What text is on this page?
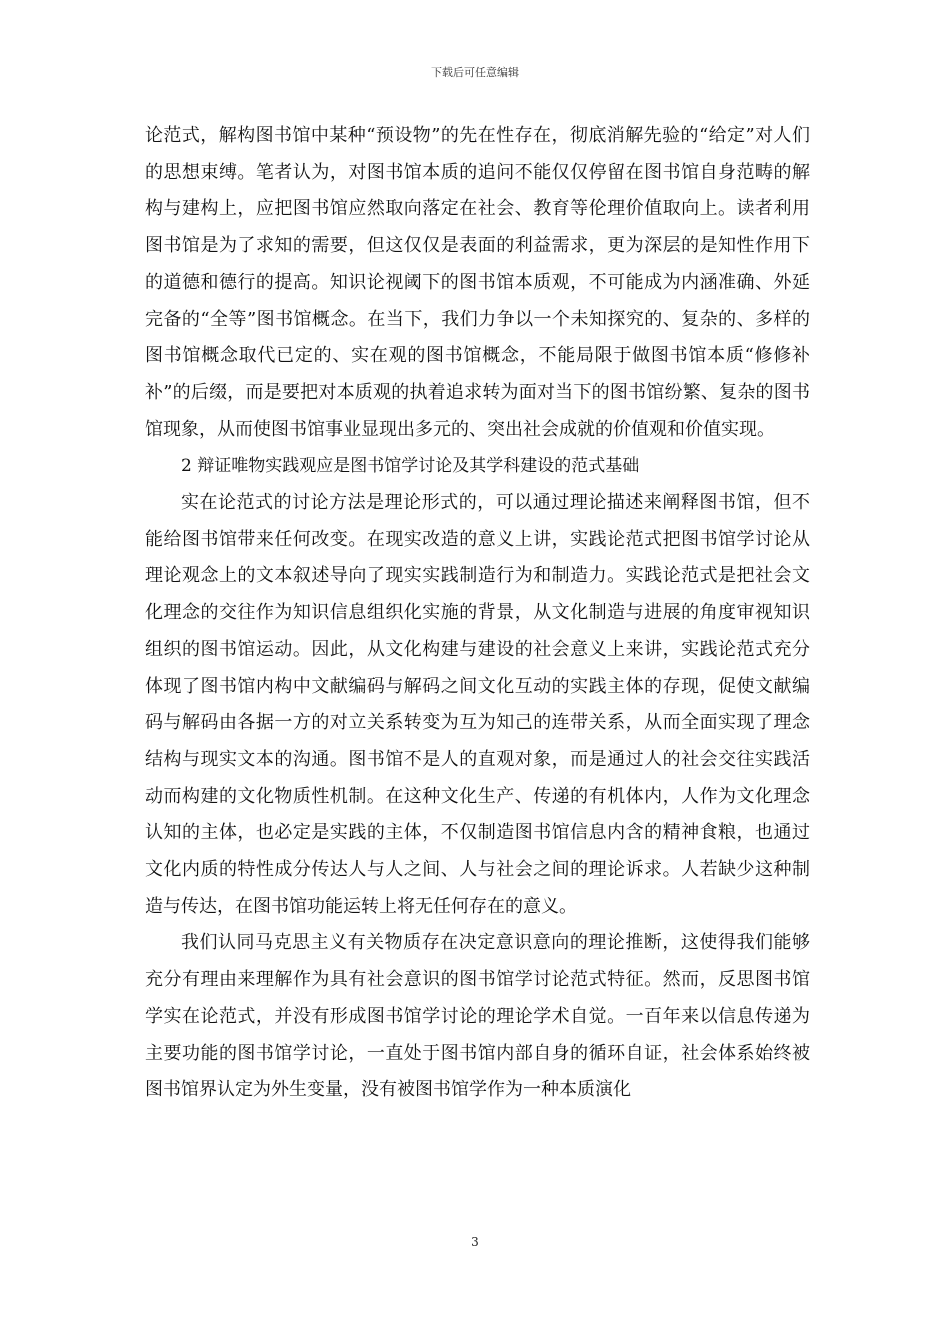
下载后可任意编辑

论范式，解构图书馆中某种“预设物”的先在性存在，彻底消解先验的“给定”对人们的思想束缚。笔者认为，对图书馆本质的追问不能仅仅停留在图书馆自身范畴的解构与建构上，应把图书馆应然取向落定在社会、教育等伦理价值取向上。读者利用图书馆是为了求知的需要，但这仅仅是表面的利益需求，更为深层的是知性作用下的道德和德行的提高。知识论视阈下的图书馆本质观，不可能成为内涵准确、外延完备的“全等”图书馆概念。在当下，我们力争以一个未知探究的、复杂的、多样的图书馆概念取代已定的、实在观的图书馆概念，不能局限于做图书馆本质“修修补补”的后缀，而是要把对本质观的执着追求转为面对当下的图书馆纷繁、复杂的图书馆现象，从而使图书馆事业显现出多元的、突出社会成就的价值观和价值实现。

2 辩证唯物实践观应是图书馆学讨论及其学科建设的范式基础

实在论范式的讨论方法是理论形式的，可以通过理论描述来阐释图书馆，但不能给图书馆带来任何改变。在现实改造的意义上讲，实践论范式把图书馆学讨论从理论观念上的文本叙述导向了现实实践制造行为和制造力。实践论范式是把社会文化理念的交往作为知识信息组织化实施的背景，从文化制造与进展的角度审视知识组织的图书馆运动。因此，从文化构建与建设的社会意义上来讲，实践论范式充分体现了图书馆内构中文献编码与解码之间文化互动的实践主体的存现，促使文献编码与解码由各据一方的对立关系转变为互为知己的连带关系，从而全面实现了理念结构与现实文本的沟通。图书馆不是人的直观对象，而是通过人的社会交往实践活动而构建的文化物质性机制。在这种文化生产、传递的有机体内，人作为文化理念认知的主体，也必定是实践的主体，不仅制造图书馆信息内含的精神食粮，也通过文化内质的特性成分传达人与人之间、人与社会之间的理论诉求。人若缺少这种制造与传达，在图书馆功能运转上将无任何存在的意义。

我们认同马克思主义有关物质存在决定意识意向的理论推断，这使得我们能够充分有理由来理解作为具有社会意识的图书馆学讨论范式特征。然而，反思图书馆学实在论范式，并没有形成图书馆学讨论的理论学术自觉。一百年来以信息传递为主要功能的图书馆学讨论，一直处于图书馆内部自身的循环自证，社会体系始终被图书馆界认定为外生变量，没有被图书馆学作为一种本质演化

3
